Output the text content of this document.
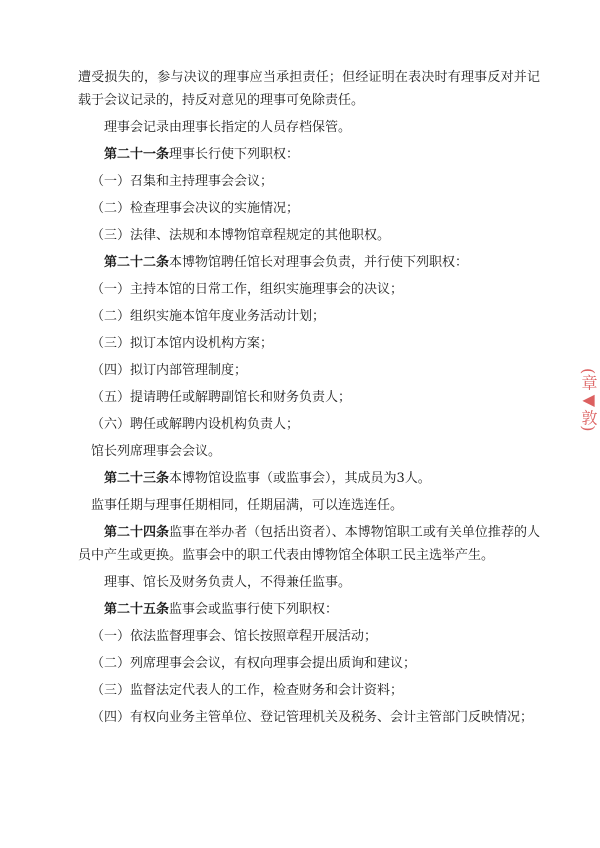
遭受损失的，参与决议的理事应当承担责任；但经证明在表决时有理事反对并记载于会议记录的，持反对意见的理事可免除责任。

理事会记录由理事长指定的人员存档保管。

第二十一条理事长行使下列职权：

（一）召集和主持理事会会议；

（二）检查理事会决议的实施情况；

（三）法律、法规和本博物馆章程规定的其他职权。

第二十二条本博物馆聘任馆长对理事会负责，并行使下列职权：

（一）主持本馆的日常工作，组织实施理事会的决议；

（二）组织实施本馆年度业务活动计划；

（三）拟订本馆内设机构方案；

（四）拟订内部管理制度；

（五）提请聘任或解聘副馆长和财务负责人；

（六）聘任或解聘内设机构负责人；

馆长列席理事会会议。

第二十三条本博物馆设监事（或监事会），其成员为3人。

监事任期与理事任期相同，任期届满，可以连选连任。

第二十四条监事在举办者（包括出资者）、本博物馆职工或有关单位推荐的人员中产生或更换。监事会中的职工代表由博物馆全体职工民主选举产生。

理事、馆长及财务负责人，不得兼任监事。

第二十五条监事会或监事行使下列职权：

（一）依法监督理事会、馆长按照章程开展活动；

（二）列席理事会会议，有权向理事会提出质询和建议；

（三）监督法定代表人的工作，检查财务和会计资料；

（四）有权向业务主管单位、登记管理机关及税务、会计主管部门反映情况；

(章◀敦)
